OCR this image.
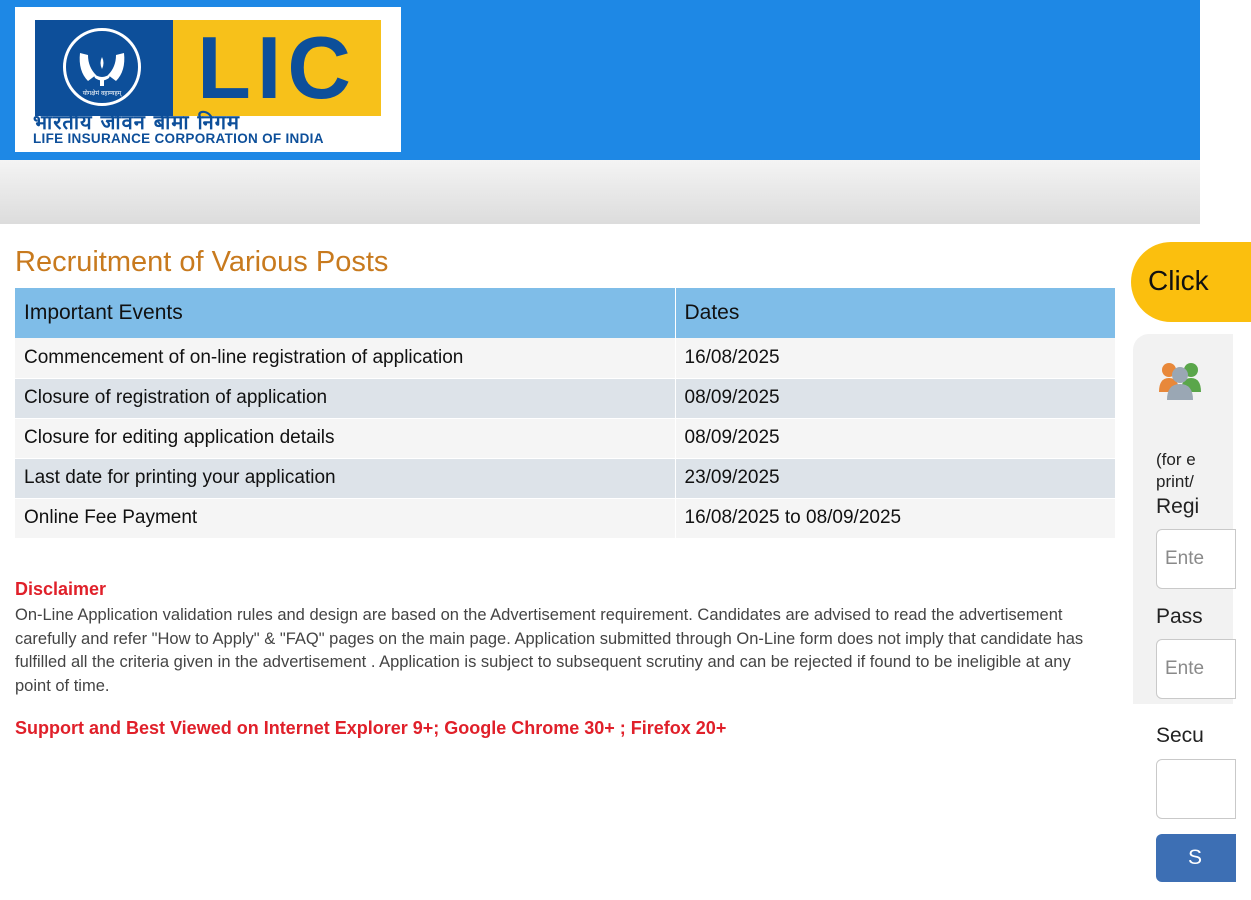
योगक्षेमं वहाम्यहम् LIC
भारतीय जीवन बीमा निगम
LIFE INSURANCE CORPORATION OF INDIA
Recruitment of Various Posts
Important Events	Dates
Commencement of on-line registration of application	16/08/2025
Closure of registration of application	08/09/2025
Closure for editing application details	08/09/2025
Last date for printing your application	23/09/2025
Online Fee Payment	16/08/2025 to 08/09/2025
Disclaimer
On-Line Application validation rules and design are based on the Advertisement requirement. Candidates are advised to read the advertisement carefully and refer "How to Apply" & "FAQ" pages on the main page. Application submitted through On-Line form does not imply that candidate has fulfilled all the criteria given in the advertisement . Application is subject to subsequent scrutiny and can be rejected if found to be ineligible at any point of time.
Support and Best Viewed on Internet Explorer 9+; Google Chrome 30+ ; Firefox 20+
Click
(for e
print/
Regi
Ente
Pass
Secu
S
